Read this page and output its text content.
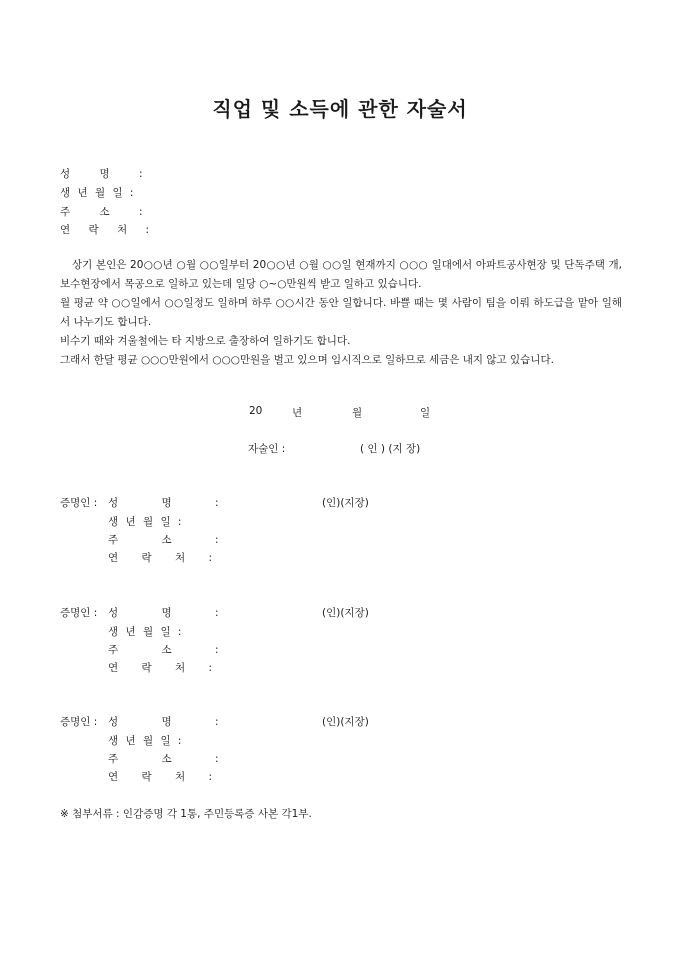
직업 및 소득에 관한 자술서
성 명 :
생 년 월 일 :
주 소 :
연 락 처 :

상기 본인은 20○○년 ○월 ○○일부터 20○○년 ○월 ○○일 현재까지 ○○○ 일대에서 아파트공사현장 및 단독주택 개, 보수현장에서 목공으로 일하고 있는데 일당 ○~○만원씩 받고 일하고 있습니다.

월 평균 약 ○○일에서 ○○일정도 일하며 하루 ○○시간 동안 일합니다. 바쁠 때는 몇 사람이 팀을 이뤄 하도급을 맡아 일해서 나누기도 합니다.

비수기 때와 겨울철에는 타 지방으로 출장하여 일하기도 합니다.

그래서 한달 평균 ○○○만원에서 ○○○만원을 벌고 있으며 임시직으로 일하므로 세금은 내지 않고 있습니다.

20	년	월	일
자술인 :	( 인 ) (지 장)
증명인 : 성 명 :	(인)(지장)
생 년 월 일 :
주 소 :
연 락 처 :
증명인 : 성 명 :	(인)(지장)
생 년 월 일 :
주 소 :
연 락 처 :
증명인 : 성 명 :	(인)(지장)
생 년 월 일 :
주 소 :
연 락 처 :
※ 첨부서류 : 인감증명 각 1통, 주민등록증 사본 각1부.
